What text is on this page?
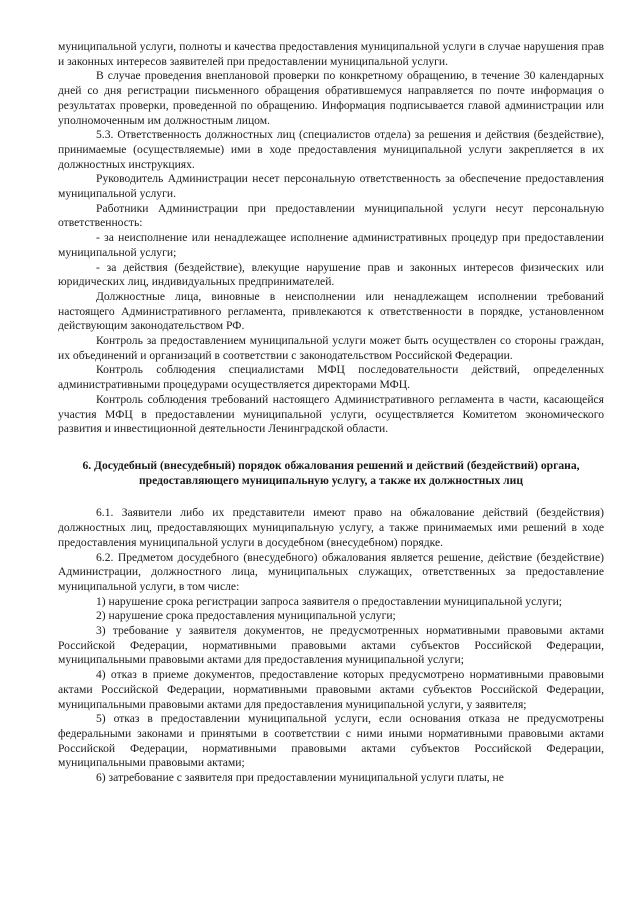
муниципальной услуги, полноты и качества предоставления муниципальной услуги в случае нарушения прав и законных интересов заявителей при предоставлении муниципальной услуги.

В случае проведения внеплановой проверки по конкретному обращению, в течение 30 календарных дней со дня регистрации письменного обращения обратившемуся направляется по почте информация о результатах проверки, проведенной по обращению. Информация подписывается главой администрации или уполномоченным им должностным лицом.

5.3. Ответственность должностных лиц (специалистов отдела) за решения и действия (бездействие), принимаемые (осуществляемые) ими в ходе предоставления муниципальной услуги закрепляется в их должностных инструкциях.

Руководитель Администрации несет персональную ответственность за обеспечение предоставления муниципальной услуги.

Работники Администрации при предоставлении муниципальной услуги несут персональную ответственность:

- за неисполнение или ненадлежащее исполнение административных процедур при предоставлении муниципальной услуги;

- за действия (бездействие), влекущие нарушение прав и законных интересов физических или юридических лиц, индивидуальных предпринимателей.

Должностные лица, виновные в неисполнении или ненадлежащем исполнении требований настоящего Административного регламента, привлекаются к ответственности в порядке, установленном действующим законодательством РФ.

Контроль за предоставлением муниципальной услуги может быть осуществлен со стороны граждан, их объединений и организаций в соответствии с законодательством Российской Федерации.

Контроль соблюдения специалистами МФЦ последовательности действий, определенных административными процедурами осуществляется директорами МФЦ.

Контроль соблюдения требований настоящего Административного регламента в части, касающейся участия МФЦ в предоставлении муниципальной услуги, осуществляется Комитетом экономического развития и инвестиционной деятельности Ленинградской области.

6. Досудебный (внесудебный) порядок обжалования решений и действий (бездействий) органа, предоставляющего муниципальную услугу, а также их должностных лиц

6.1. Заявители либо их представители имеют право на обжалование действий (бездействия) должностных лиц, предоставляющих муниципальную услугу, а также принимаемых ими решений в ходе предоставления муниципальной услуги в досудебном (внесудебном) порядке.

6.2. Предметом досудебного (внесудебного) обжалования является решение, действие (бездействие) Администрации, должностного лица, муниципальных служащих, ответственных за предоставление муниципальной услуги, в том числе:

1) нарушение срока регистрации запроса заявителя о предоставлении муниципальной услуги;

2) нарушение срока предоставления муниципальной услуги;

3) требование у заявителя документов, не предусмотренных нормативными правовыми актами Российской Федерации, нормативными правовыми актами субъектов Российской Федерации, муниципальными правовыми актами для предоставления муниципальной услуги;

4) отказ в приеме документов, предоставление которых предусмотрено нормативными правовыми актами Российской Федерации, нормативными правовыми актами субъектов Российской Федерации, муниципальными правовыми актами для предоставления муниципальной услуги, у заявителя;

5) отказ в предоставлении муниципальной услуги, если основания отказа не предусмотрены федеральными законами и принятыми в соответствии с ними иными нормативными правовыми актами Российской Федерации, нормативными правовыми актами субъектов Российской Федерации, муниципальными правовыми актами;

6) затребование с заявителя при предоставлении муниципальной услуги платы, не
